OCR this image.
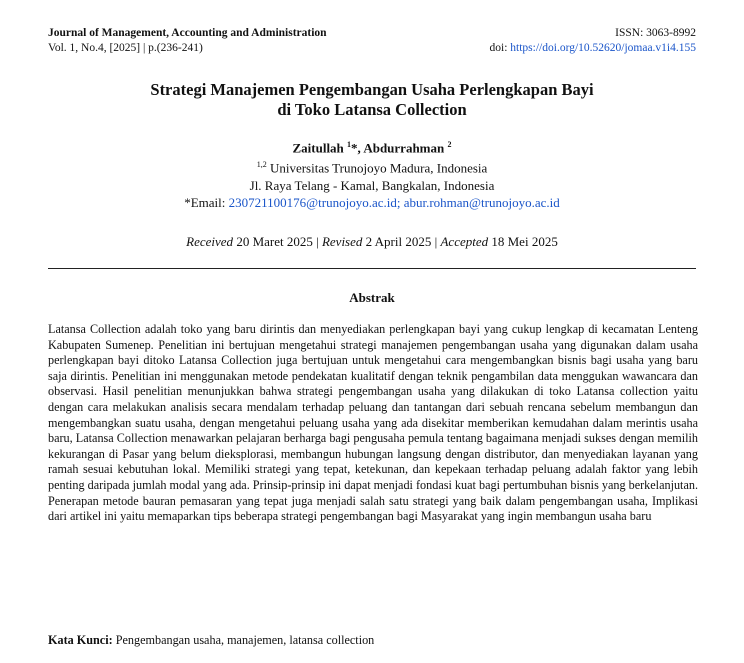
Journal of Management, Accounting and Administration	ISSN: 3063-8992
Vol. 1, No.4, [2025] | p.(236-241)	doi: https://doi.org/10.52620/jomaa.v1i4.155
Strategi Manajemen Pengembangan Usaha Perlengkapan Bayi
di Toko Latansa Collection
Zaitullah $^1$*, Abdurrahman $^2$
$^{1,2}$ Universitas Trunojoyo Madura, Indonesia
Jl. Raya Telang - Kamal, Bangkalan, Indonesia
*Email: 230721100176@trunojoyo.ac.id; abur.rohman@trunojoyo.ac.id
Received 20 Maret 2025 | Revised 2 April 2025 | Accepted 18 Mei 2025
Abstrak

Latansa Collection adalah toko yang baru dirintis dan menyediakan perlengkapan bayi yang cukup lengkap di kecamatan Lenteng Kabupaten Sumenep. Penelitian ini bertujuan mengetahui strategi manajemen pengembangan usaha yang digunakan dalam usaha perlengkapan bayi ditoko Latansa Collection juga bertujuan untuk mengetahui cara mengembangkan bisnis bagi usaha yang baru saja dirintis. Penelitian ini menggunakan metode pendekatan kualitatif dengan teknik pengambilan data menggukan wawancara dan observasi. Hasil penelitian menunjukkan bahwa strategi pengembangan usaha yang dilakukan di toko Latansa collection yaitu dengan cara melakukan analisis secara mendalam terhadap peluang dan tantangan dari sebuah rencana sebelum membangun dan mengembangkan suatu usaha, dengan mengetahui peluang usaha yang ada disekitar memberikan kemudahan dalam merintis usaha baru, Latansa Collection menawarkan pelajaran berharga bagi pengusaha pemula tentang bagaimana menjadi sukses dengan memilih kekurangan di Pasar yang belum dieksplorasi, membangun hubungan langsung dengan distributor, dan menyediakan layanan yang ramah sesuai kebutuhan lokal. Memiliki strategi yang tepat, ketekunan, dan kepekaan terhadap peluang adalah faktor yang lebih penting daripada jumlah modal yang ada. Prinsip-prinsip ini dapat menjadi fondasi kuat bagi pertumbuhan bisnis yang berkelanjutan. Penerapan metode bauran pemasaran yang tepat juga menjadi salah satu strategi yang baik dalam pengembangan usaha, Implikasi dari artikel ini yaitu memaparkan tips beberapa strategi pengembangan bagi Masyarakat yang ingin membangun usaha baru

Kata Kunci: Pengembangan usaha, manajemen, latansa collection
